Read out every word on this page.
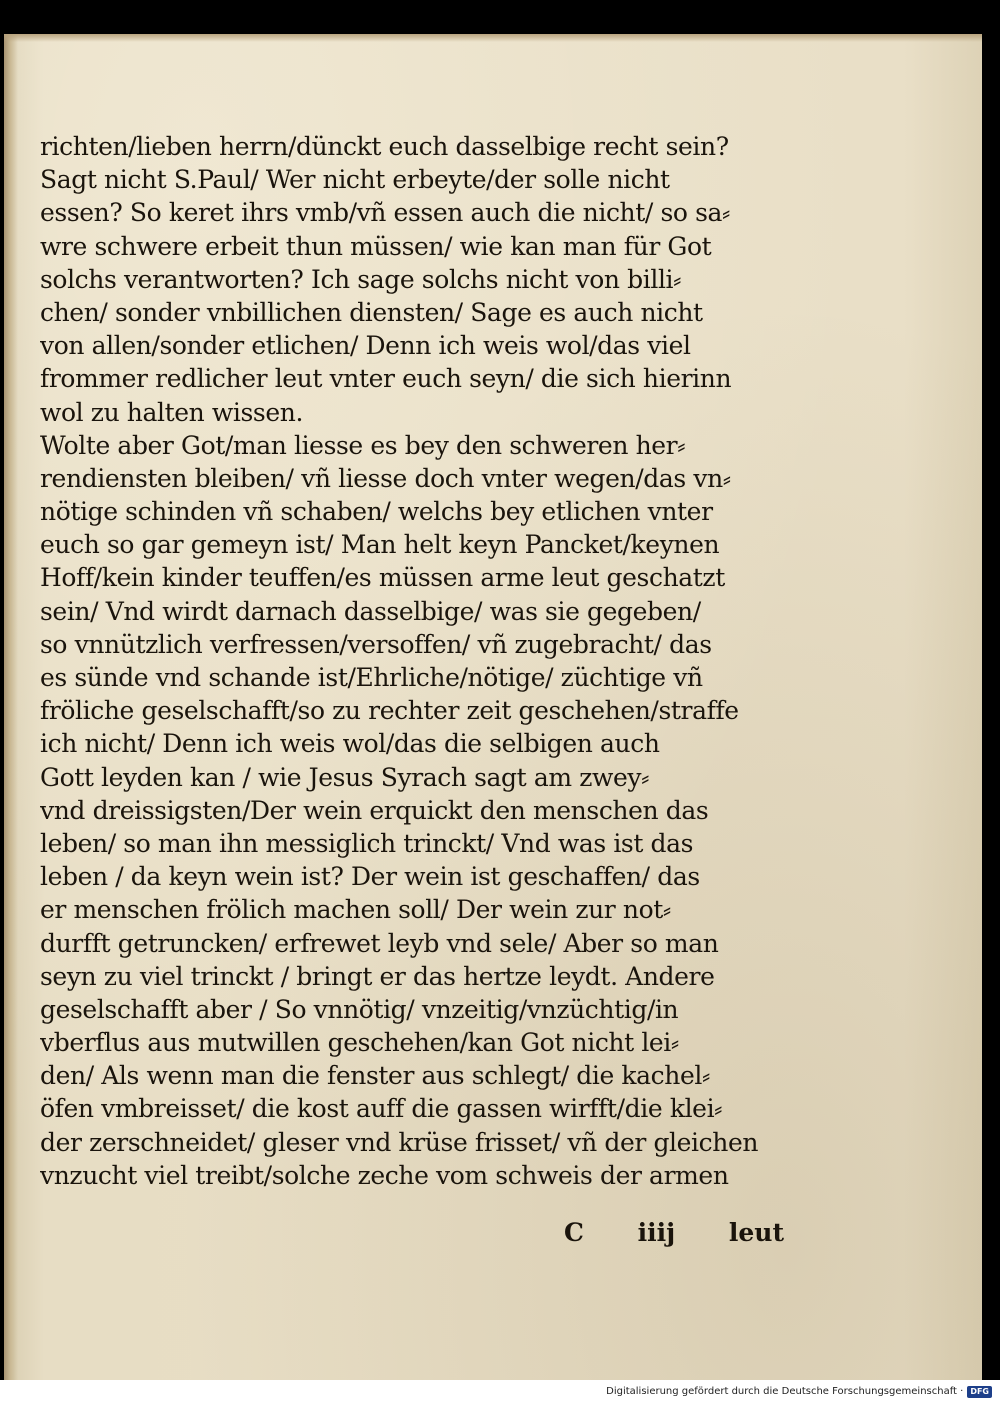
richten/lieben herrn/dünckt euch dasselbige recht sein?
Sagt nicht S.Paul/ Wer nicht erbeyte/der solle nicht
essen? So keret ihrs vmb/vñ essen auch die nicht/ so sa⸗
wre schwere erbeit thun müssen/ wie kan man für Got
solchs verantworten? Ich sage solchs nicht von billi⸗
chen/ sonder vnbillichen diensten/ Sage es auch nicht
von allen/sonder etlichen/ Denn ich weis wol/das viel
frommer redlicher leut vnter euch seyn/ die sich hierinn
wol zu halten wissen.
Wolte aber Got/man liesse es bey den schweren her⸗
rendiensten bleiben/ vñ liesse doch vnter wegen/das vn⸗
nötige schinden vñ schaben/ welchs bey etlichen vnter
euch so gar gemeyn ist/ Man helt keyn Pancket/keynen
Hoff/kein kinder teuffen/es müssen arme leut geschatzt
sein/ Vnd wirdt darnach dasselbige/ was sie gegeben/
so vnnützlich verfressen/versoffen/ vñ zugebracht/ das
es sünde vnd schande ist/Ehrliche/nötige/ züchtige vñ
fröliche geselschafft/so zu rechter zeit geschehen/straffe
ich nicht/ Denn ich weis wol/das die selbigen auch
Gott leyden kan / wie Jesus Syrach sagt am zwey⸗
vnd dreissigsten/Der wein erquickt den menschen das
leben/ so man ihn messiglich trinckt/ Vnd was ist das
leben / da keyn wein ist? Der wein ist geschaffen/ das
er menschen frölich machen soll/ Der wein zur not⸗
durfft getruncken/ erfrewet leyb vnd sele/ Aber so man
seyn zu viel trinckt / bringt er das hertze leydt. Andere
geselschafft aber / So vnnötig/ vnzeitig/vnzüchtig/in
vberflus aus mutwillen geschehen/kan Got nicht lei⸗
den/ Als wenn man die fenster aus schlegt/ die kachel⸗
öfen vmbreisset/ die kost auff die gassen wirfft/die klei⸗
der zerschneidet/ gleser vnd krüse frisset/ vñ der gleichen
vnzucht viel treibt/solche zeche vom schweis der armen
C iiij leut
Digitalisierung gefördert durch die Deutsche Forschungsgemeinschaft · DFG
